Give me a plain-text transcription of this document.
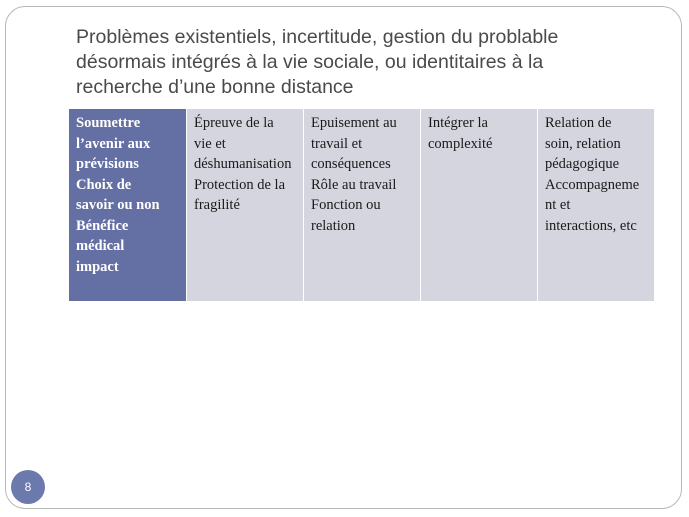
Problèmes existentiels, incertitude, gestion du problable
désormais intégrés à la vie sociale, ou identitaires à la
recherche d’une bonne distance
Soumettre
l’avenir aux
prévisions
Choix de
savoir ou non
Bénéfice
médical
impact
Épreuve de la
vie et
déshumanisation
Protection de la
fragilité
Epuisement au
travail et
conséquences
Rôle au travail
Fonction ou
relation
Intégrer la
complexité
Relation de
soin, relation
pédagogique
Accompagneme
nt et
interactions, etc
8
